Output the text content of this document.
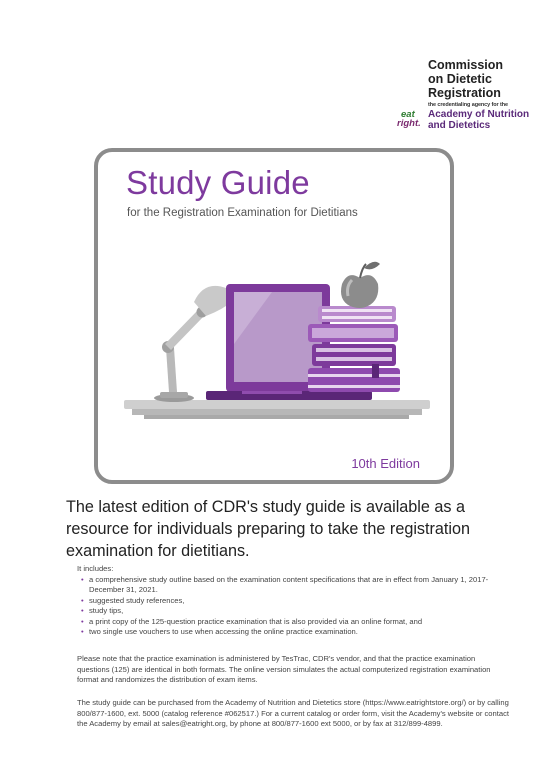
Commission
on Dietetic
Registration
the credentialing agency for the
eat
right.
Academy of Nutrition
and Dietetics
Study Guide
for the Registration Examination for Dietitians
10th Edition
The latest edition of CDR's study guide is available as a resource for individuals preparing to take the registration examination for dietitians.
It includes:
• a comprehensive study outline based on the examination content specifications that are in effect from January 1, 2017-December 31, 2021.
• suggested study references,
• study tips,
• a print copy of the 125-question practice examination that is also provided via an online format, and
• two single use vouchers to use when accessing the online practice examination.

Please note that the practice examination is administered by TesTrac, CDR's vendor, and that the practice examination questions (125) are identical in both formats. The online version simulates the actual computerized registration examination format and randomizes the distribution of exam items.

The study guide can be purchased from the Academy of Nutrition and Dietetics store (https://www.eatrightstore.org/) or by calling 800/877-1600, ext. 5000 (catalog reference #062517.) For a current catalog or order form, visit the Academy's website or contact the Academy by email at sales@eatright.org, by phone at 800/877-1600 ext 5000, or by fax at 312/899-4899.
